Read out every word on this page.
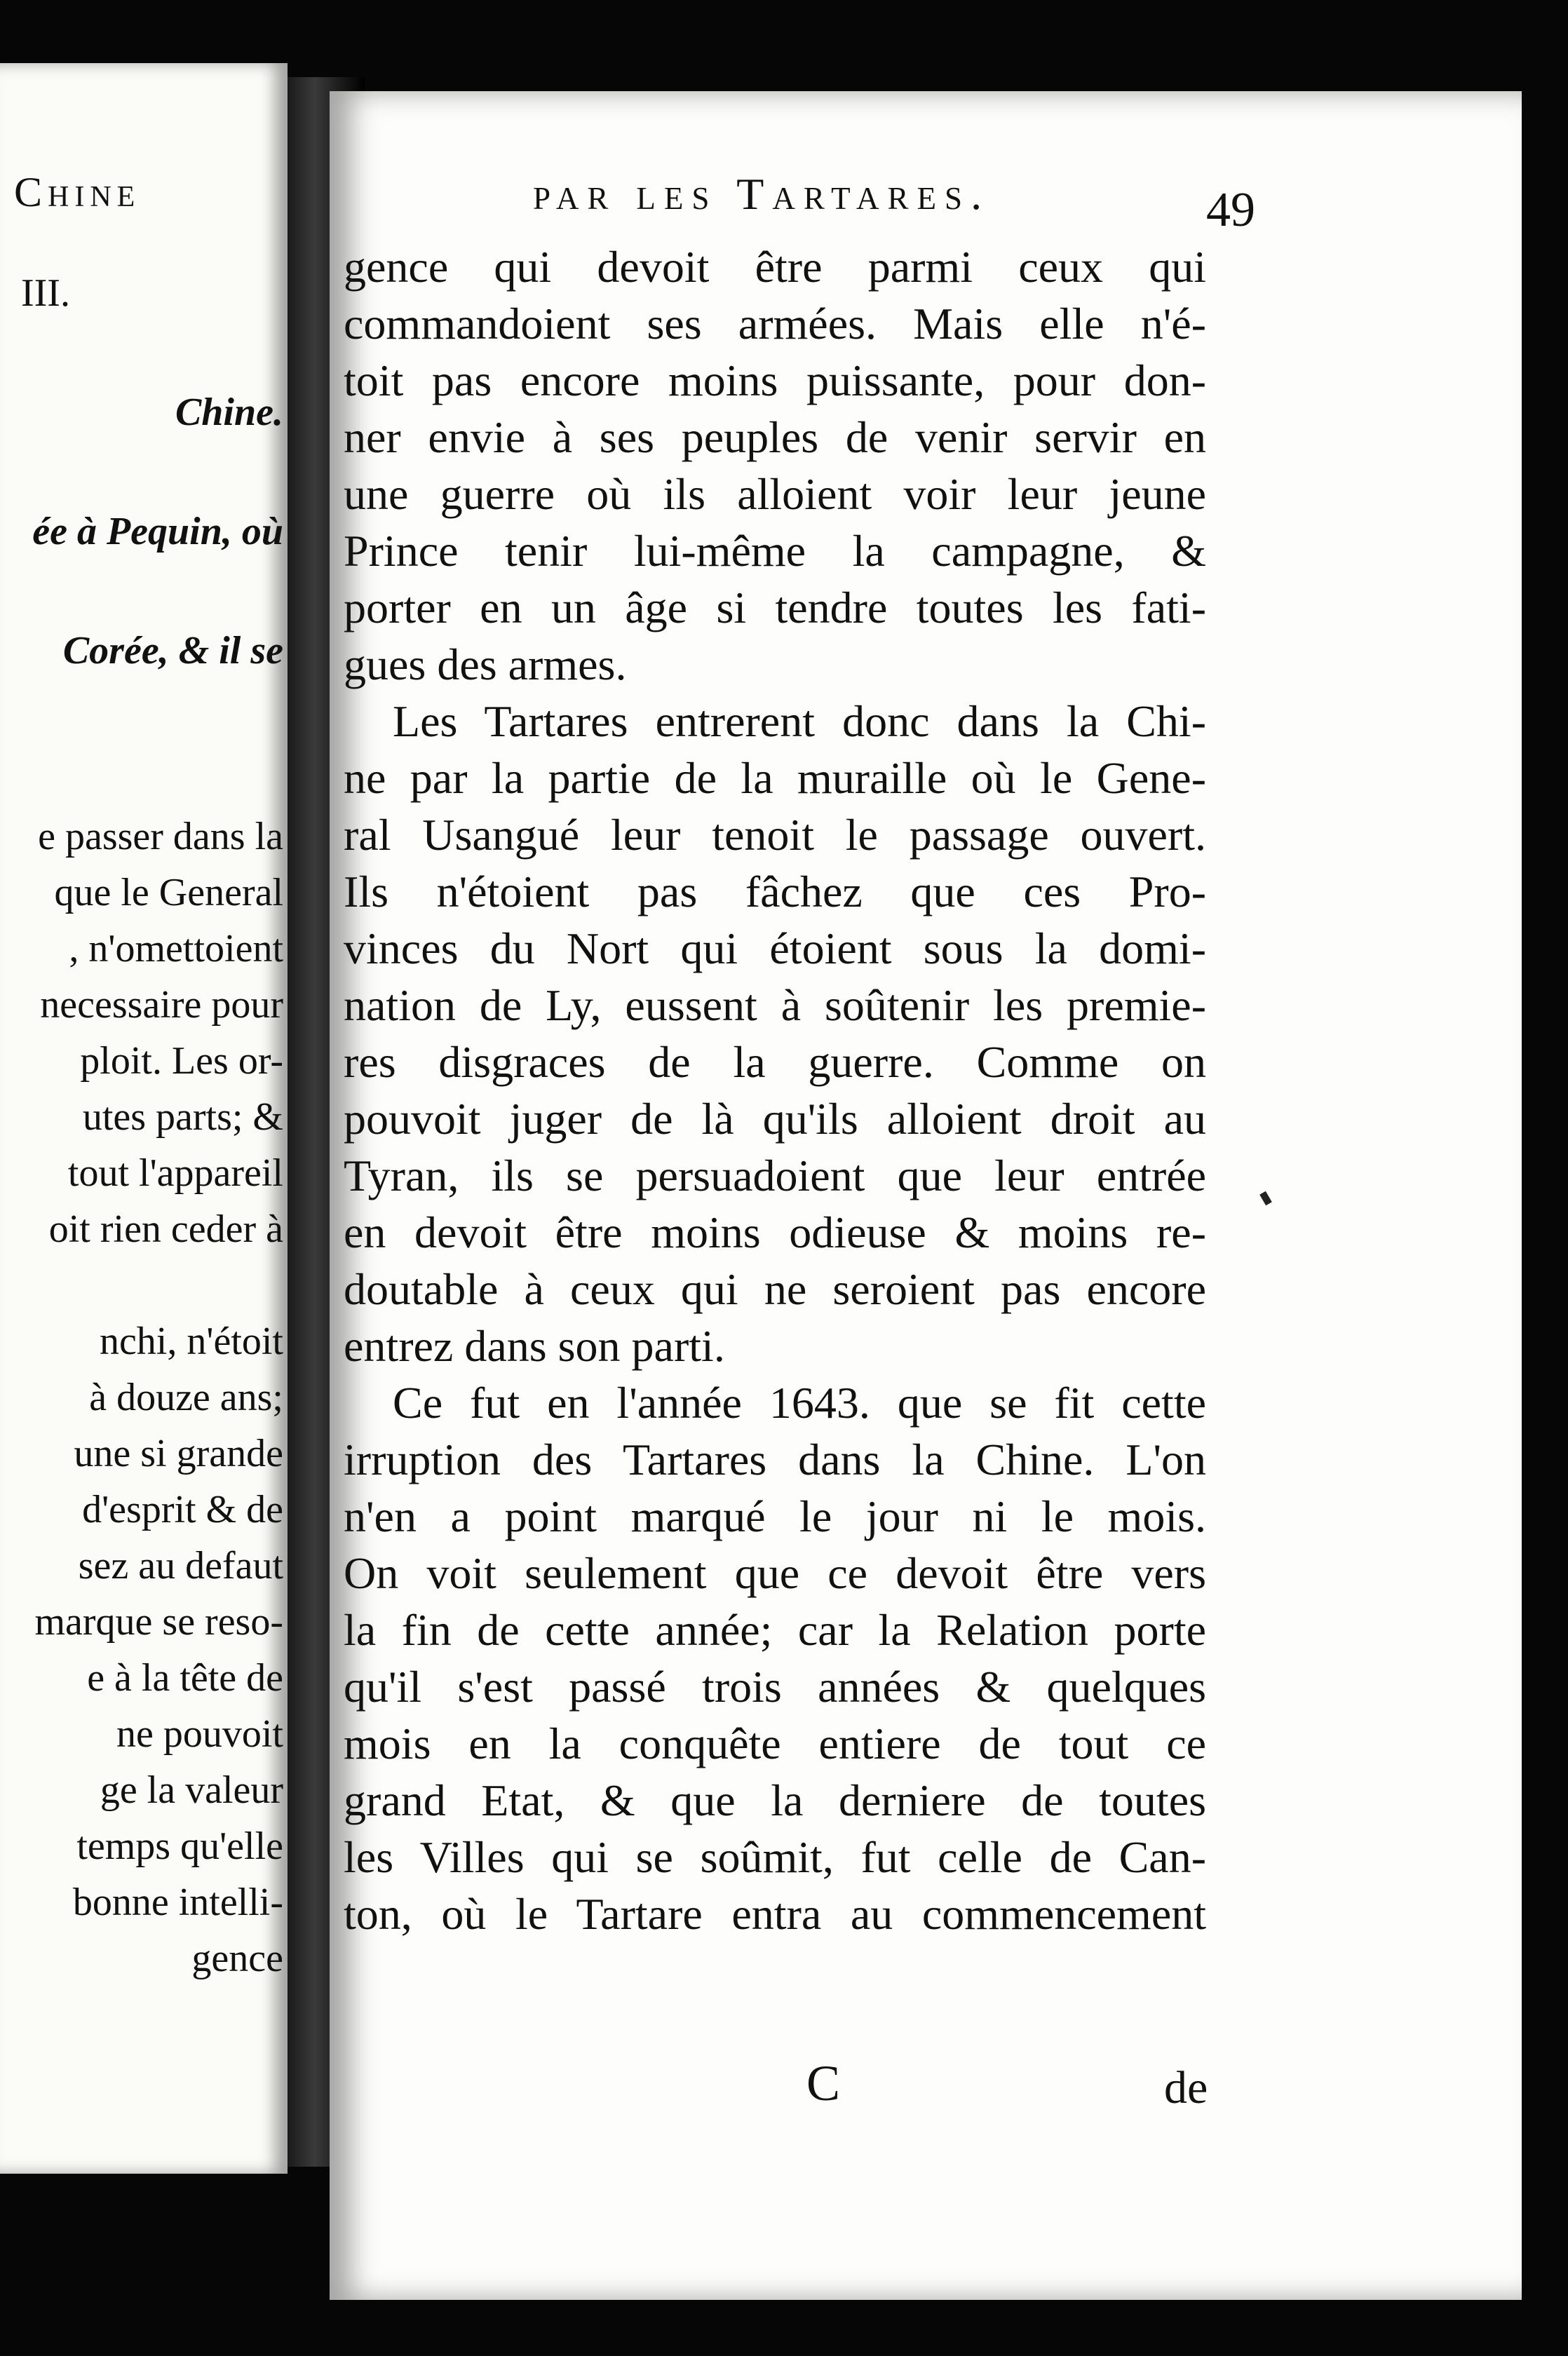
Chine
III.
Chine.
ée à Pequin, où
Corée, & il se
e passer dans la
que le General
, n'omettoient
necessaire pour
ploit. Les or-
utes parts; &
tout l'appareil
oit rien ceder à
nchi, n'étoit
à douze ans;
une si grande
d'esprit & de
sez au defaut
marque se reso-
e à la tête de
ne pouvoit
ge la valeur
temps qu'elle
bonne intelli-
gence
par les Tartares.	49
gence qui devoit être parmi ceux qui
commandoient ses armées. Mais elle n'é-
toit pas encore moins puissante, pour don-
ner envie à ses peuples de venir servir en
une guerre où ils alloient voir leur jeune
Prince tenir lui-même la campagne, &
porter en un âge si tendre toutes les fati-
gues des armes.
Les Tartares entrerent donc dans la Chi-
ne par la partie de la muraille où le Gene-
ral Usangué leur tenoit le passage ouvert.
Ils n'étoient pas fâchez que ces Pro-
vinces du Nort qui étoient sous la domi-
nation de Ly, eussent à soûtenir les premie-
res disgraces de la guerre. Comme on
pouvoit juger de là qu'ils alloient droit au
Tyran, ils se persuadoient que leur entrée
en devoit être moins odieuse & moins re-
doutable à ceux qui ne seroient pas encore
entrez dans son parti.
Ce fut en l'année 1643. que se fit cette
irruption des Tartares dans la Chine. L'on
n'en a point marqué le jour ni le mois.
On voit seulement que ce devoit être vers
la fin de cette année; car la Relation porte
qu'il s'est passé trois années & quelques
mois en la conquête entiere de tout ce
grand Etat, & que la derniere de toutes
les Villes qui se soûmit, fut celle de Can-
ton, où le Tartare entra au commencement
C	de
